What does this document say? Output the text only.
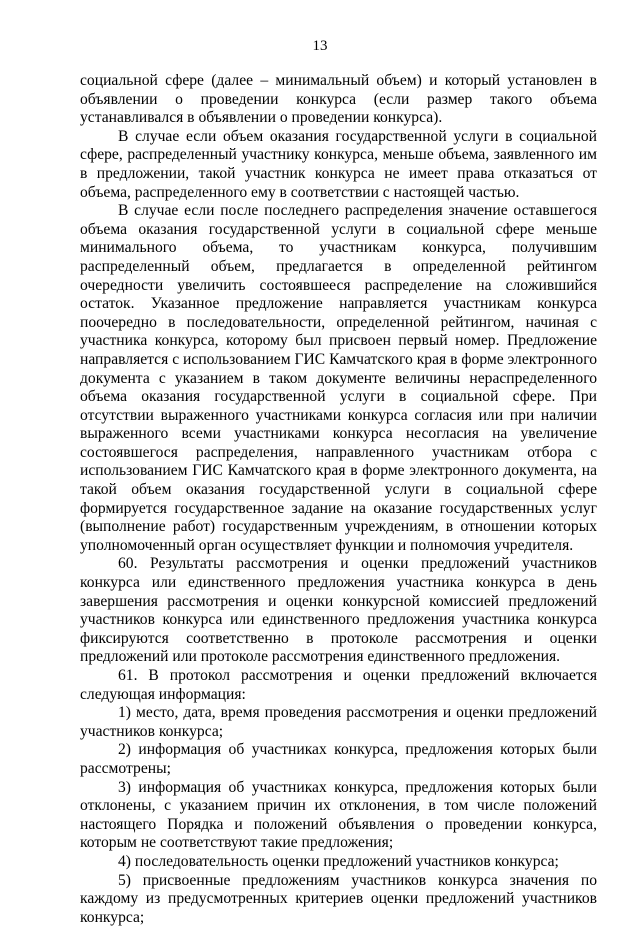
13

социальной сфере (далее – минимальный объем) и который установлен в объявлении о проведении конкурса (если размер такого объема устанавливался в объявлении о проведении конкурса).

В случае если объем оказания государственной услуги в социальной сфере, распределенный участнику конкурса, меньше объема, заявленного им в предложении, такой участник конкурса не имеет права отказаться от объема, распределенного ему в соответствии с настоящей частью.

В случае если после последнего распределения значение оставшегося объема оказания государственной услуги в социальной сфере меньше минимального объема, то участникам конкурса, получившим распределенный объем, предлагается в определенной рейтингом очередности увеличить состоявшееся распределение на сложившийся остаток. Указанное предложение направляется участникам конкурса поочередно в последовательности, определенной рейтингом, начиная с участника конкурса, которому был присвоен первый номер. Предложение направляется с использованием ГИС Камчатского края в форме электронного документа с указанием в таком документе величины нераспределенного объема оказания государственной услуги в социальной сфере. При отсутствии выраженного участниками конкурса согласия или при наличии выраженного всеми участниками конкурса несогласия на увеличение состоявшегося распределения, направленного участникам отбора с использованием ГИС Камчатского края в форме электронного документа, на такой объем оказания государственной услуги в социальной сфере формируется государственное задание на оказание государственных услуг (выполнение работ) государственным учреждениям, в отношении которых уполномоченный орган осуществляет функции и полномочия учредителя.

60. Результаты рассмотрения и оценки предложений участников конкурса или единственного предложения участника конкурса в день завершения рассмотрения и оценки конкурсной комиссией предложений участников конкурса или единственного предложения участника конкурса фиксируются соответственно в протоколе рассмотрения и оценки предложений или протоколе рассмотрения единственного предложения.

61. В протокол рассмотрения и оценки предложений включается следующая информация:

1) место, дата, время проведения рассмотрения и оценки предложений участников конкурса;

2) информация об участниках конкурса, предложения которых были рассмотрены;

3) информация об участниках конкурса, предложения которых были отклонены, с указанием причин их отклонения, в том числе положений настоящего Порядка и положений объявления о проведении конкурса, которым не соответствуют такие предложения;

4) последовательность оценки предложений участников конкурса;

5) присвоенные предложениям участников конкурса значения по каждому из предусмотренных критериев оценки предложений участников конкурса;
